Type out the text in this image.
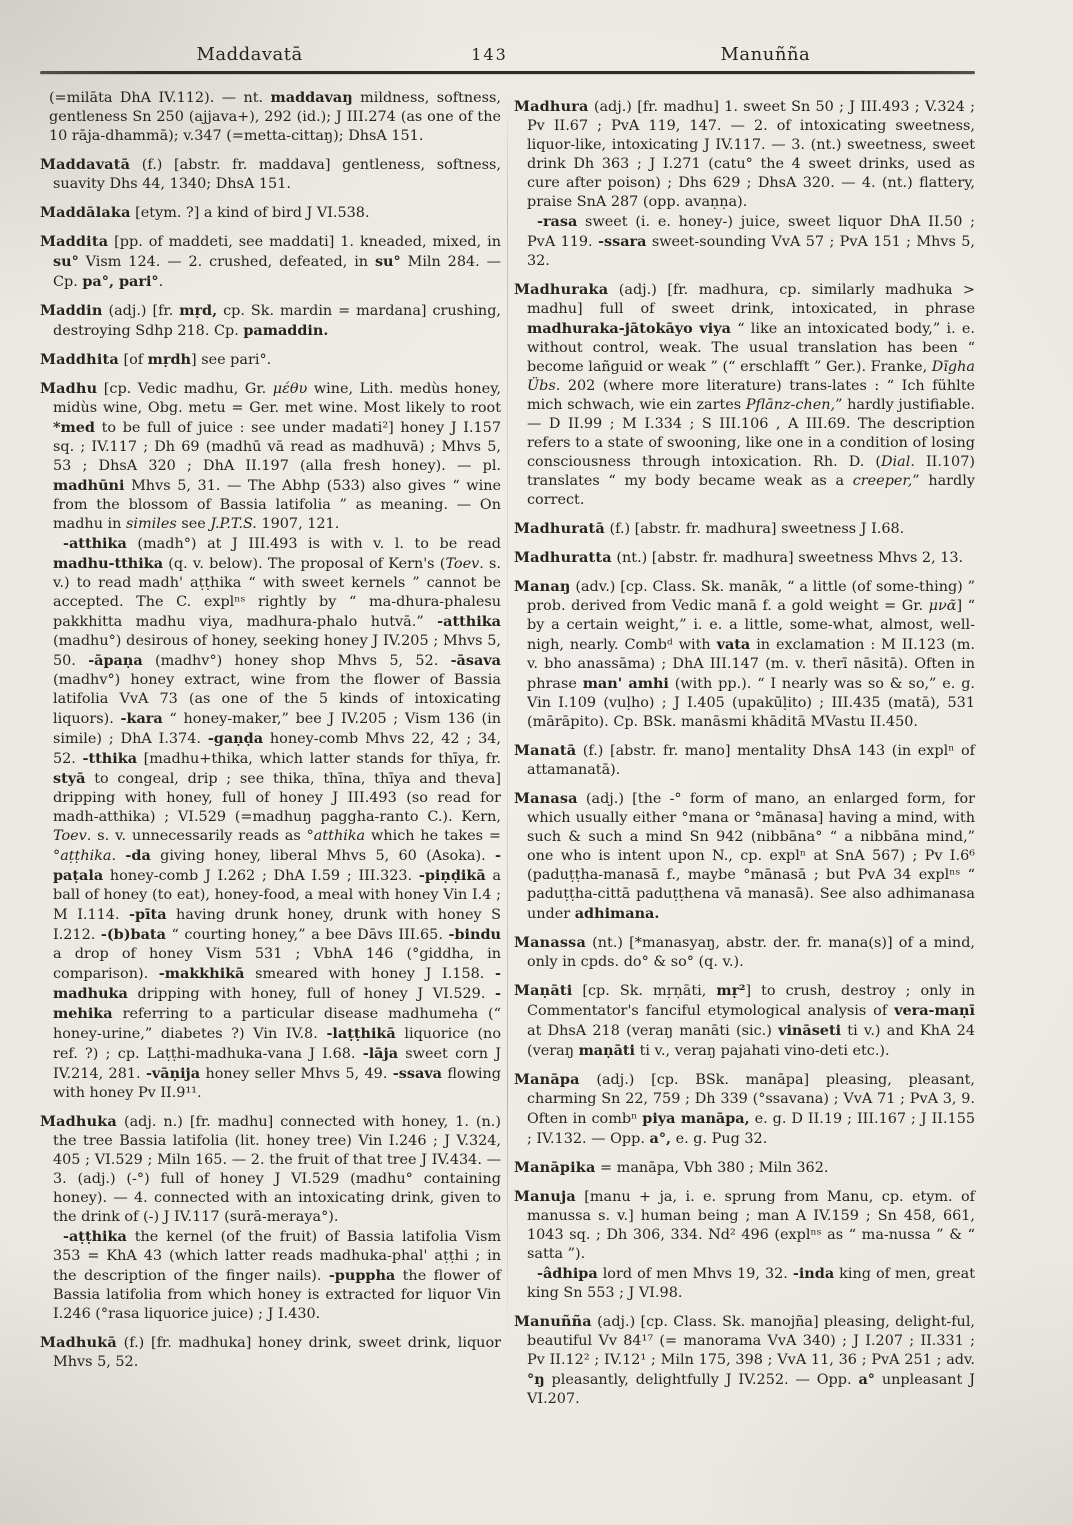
Maddavatā	143	Manuñña

(=milāta DhA IV.112). — nt. maddavaŋ mildness, softness, gentleness Sn 250 (ajjava+), 292 (id.); J III.274 (as one of the 10 rāja-dhammā); v.347 (=metta-cittaŋ); DhsA 151.

Maddavatā (f.) [abstr. fr. maddava] gentleness, softness, suavity Dhs 44, 1340; DhsA 151.

Maddālaka [etym. ?] a kind of bird J VI.538.

Maddita [pp. of maddeti, see maddati] 1. kneaded, mixed, in su° Vism 124. — 2. crushed, defeated, in su° Miln 284. — Cp. pa°, pari°.

Maddin (adj.) [fr. mṛd, cp. Sk. mardin = mardana] crushing, destroying Sdhp 218. Cp. pamaddin.

Maddhita [of mṛdh] see pari°.

Madhu [cp. Vedic madhu, Gr. μέθυ wine, Lith. medùs honey, midùs wine, Obg. metu = Ger. met wine. Most likely to root *med to be full of juice : see under madati²] honey J I.157 sq. ; IV.117 ; Dh 69 (madhū vā read as madhuvā) ; Mhvs 5, 53 ; DhsA 320 ; DhA II.197 (alla fresh honey). — pl. madhūni Mhvs 5, 31. — The Abhp (533) also gives “ wine from the blossom of Bassia latifolia ” as meaning. — On madhu in similes see J.P.T.S. 1907, 121.

-atthika (madh°) at J III.493 is with v. l. to be read madhu-tthika (q. v. below). The proposal of Kern's (Toev. s. v.) to read madh' aṭṭhika “ with sweet kernels ” cannot be accepted. The C. explⁿˢ rightly by “ ma-dhura-phalesu pakkhitta madhu viya, madhura-phalo hutvā.” -atthika (madhu°) desirous of honey, seeking honey J IV.205 ; Mhvs 5, 50. -āpaṇa (madhv°) honey shop Mhvs 5, 52. -āsava (madhv°) honey extract, wine from the flower of Bassia latifolia VvA 73 (as one of the 5 kinds of intoxicating liquors). -kara “ honey-maker,” bee J IV.205 ; Vism 136 (in simile) ; DhA I.374. -gaṇḍa honey-comb Mhvs 22, 42 ; 34, 52. -tthika [madhu+thika, which latter stands for thīya, fr. styā to congeal, drip ; see thika, thīna, thīya and theva] dripping with honey, full of honey J III.493 (so read for madh-atthika) ; VI.529 (=madhuŋ paggha-ranto C.). Kern, Toev. s. v. unnecessarily reads as °atthika which he takes = °aṭṭhika. -da giving honey, liberal Mhvs 5, 60 (Asoka). -paṭala honey-comb J I.262 ; DhA I.59 ; III.323. -piṇḍikā a ball of honey (to eat), honey-food, a meal with honey Vin I.4 ; M I.114. -pīta having drunk honey, drunk with honey S I.212. -(b)bata “ courting honey,” a bee Dāvs III.65. -bindu a drop of honey Vism 531 ; VbhA 146 (°giddha, in comparison). -makkhikā smeared with honey J I.158. -madhuka dripping with honey, full of honey J VI.529. -mehika referring to a particular disease madhumeha (“ honey-urine,” diabetes ?) Vin IV.8. -laṭṭhikā liquorice (no ref. ?) ; cp. Laṭṭhi-madhuka-vana J I.68. -lāja sweet corn J IV.214, 281. -vāṇija honey seller Mhvs 5, 49. -ssava flowing with honey Pv II.9¹¹.

Madhuka (adj. n.) [fr. madhu] connected with honey, 1. (n.) the tree Bassia latifolia (lit. honey tree) Vin I.246 ; J V.324, 405 ; VI.529 ; Miln 165. — 2. the fruit of that tree J IV.434. — 3. (adj.) (-°) full of honey J VI.529 (madhu° containing honey). — 4. connected with an intoxicating drink, given to the drink of (-) J IV.117 (surā-meraya°).

-aṭṭhika the kernel (of the fruit) of Bassia latifolia Vism 353 = KhA 43 (which latter reads madhuka-phal' aṭṭhi ; in the description of the finger nails). -puppha the flower of Bassia latifolia from which honey is extracted for liquor Vin I.246 (°rasa liquorice juice) ; J I.430.

Madhukā (f.) [fr. madhuka] honey drink, sweet drink, liquor Mhvs 5, 52.

Madhura (adj.) [fr. madhu] 1. sweet Sn 50 ; J III.493 ; V.324 ; Pv II.67 ; PvA 119, 147. — 2. of intoxicating sweetness, liquor-like, intoxicating J IV.117. — 3. (nt.) sweetness, sweet drink Dh 363 ; J I.271 (catu° the 4 sweet drinks, used as cure after poison) ; Dhs 629 ; DhsA 320. — 4. (nt.) flattery, praise SnA 287 (opp. avaṇṇa).

-rasa sweet (i. e. honey-) juice, sweet liquor DhA II.50 ; PvA 119. -ssara sweet-sounding VvA 57 ; PvA 151 ; Mhvs 5, 32.

Madhuraka (adj.) [fr. madhura, cp. similarly madhuka > madhu] full of sweet drink, intoxicated, in phrase madhuraka-jātokāyo viya “ like an intoxicated body,” i. e. without control, weak. The usual translation has been “ become lañguid or weak ” (“ erschlafft ” Ger.). Franke, Dīgha Übs. 202 (where more literature) trans-lates : “ Ich fühlte mich schwach, wie ein zartes Pflānz-chen,” hardly justifiable. — D II.99 ; M I.334 ; S III.106 , A III.69. The description refers to a state of swooning, like one in a condition of losing consciousness through intoxication. Rh. D. (Dial. II.107) translates “ my body became weak as a creeper,” hardly correct.

Madhuratā (f.) [abstr. fr. madhura] sweetness J I.68.

Madhuratta (nt.) [abstr. fr. madhura] sweetness Mhvs 2, 13.

Manaŋ (adv.) [cp. Class. Sk. manāk, “ a little (of some-thing) ” prob. derived from Vedic manā f. a gold weight = Gr. μνᾶ] “ by a certain weight,” i. e. a little, some-what, almost, well-nigh, nearly. Combᵈ with vata in exclamation : M II.123 (m. v. bho anassāma) ; DhA III.147 (m. v. therī nāsitā). Often in phrase man' amhi (with pp.). “ I nearly was so & so,” e. g. Vin I.109 (vuḷho) ; J I.405 (upakūḷito) ; III.435 (matā), 531 (mārāpito). Cp. BSk. manāsmi khāditā MVastu II.450.

Manatā (f.) [abstr. fr. mano] mentality DhsA 143 (in explⁿ of attamanatā).

Manasa (adj.) [the -° form of mano, an enlarged form, for which usually either °mana or °mānasa] having a mind, with such & such a mind Sn 942 (nibbāna° “ a nibbāna mind,” one who is intent upon N., cp. explⁿ at SnA 567) ; Pv I.6⁶ (paduṭṭha-manasā f., maybe °mānasā ; but PvA 34 explⁿˢ “ paduṭṭha-cittā paduṭṭhena vā manasā). See also adhimanasa under adhimana.

Manassa (nt.) [*manasyaŋ, abstr. der. fr. mana(s)] of a mind, only in cpds. do° & so° (q. v.).

Maṇāti [cp. Sk. mṛṇāti, mṛ²] to crush, destroy ; only in Commentator's fanciful etymological analysis of vera-maṇī at DhsA 218 (veraŋ manāti (sic.) vināseti ti v.) and KhA 24 (veraŋ maṇāti ti v., veraŋ pajahati vino-deti etc.).

Manāpa (adj.) [cp. BSk. manāpa] pleasing, pleasant, charming Sn 22, 759 ; Dh 339 (°ssavana) ; VvA 71 ; PvA 3, 9. Often in combⁿ piya manāpa, e. g. D II.19 ; III.167 ; J II.155 ; IV.132. — Opp. a°, e. g. Pug 32.

Manāpika = manāpa, Vbh 380 ; Miln 362.

Manuja [manu + ja, i. e. sprung from Manu, cp. etym. of manussa s. v.] human being ; man A IV.159 ; Sn 458, 661, 1043 sq. ; Dh 306, 334. Nd² 496 (explⁿˢ as “ ma-nussa ” & “ satta ”).

-âdhipa lord of men Mhvs 19, 32. -inda king of men, great king Sn 553 ; J VI.98.

Manuñña (adj.) [cp. Class. Sk. manojña] pleasing, delight-ful, beautiful Vv 84¹⁷ (= manorama VvA 340) ; J I.207 ; II.331 ; Pv II.12² ; IV.12¹ ; Miln 175, 398 ; VvA 11, 36 ; PvA 251 ; adv. °ŋ pleasantly, delightfully J IV.252. — Opp. a° unpleasant J VI.207.
